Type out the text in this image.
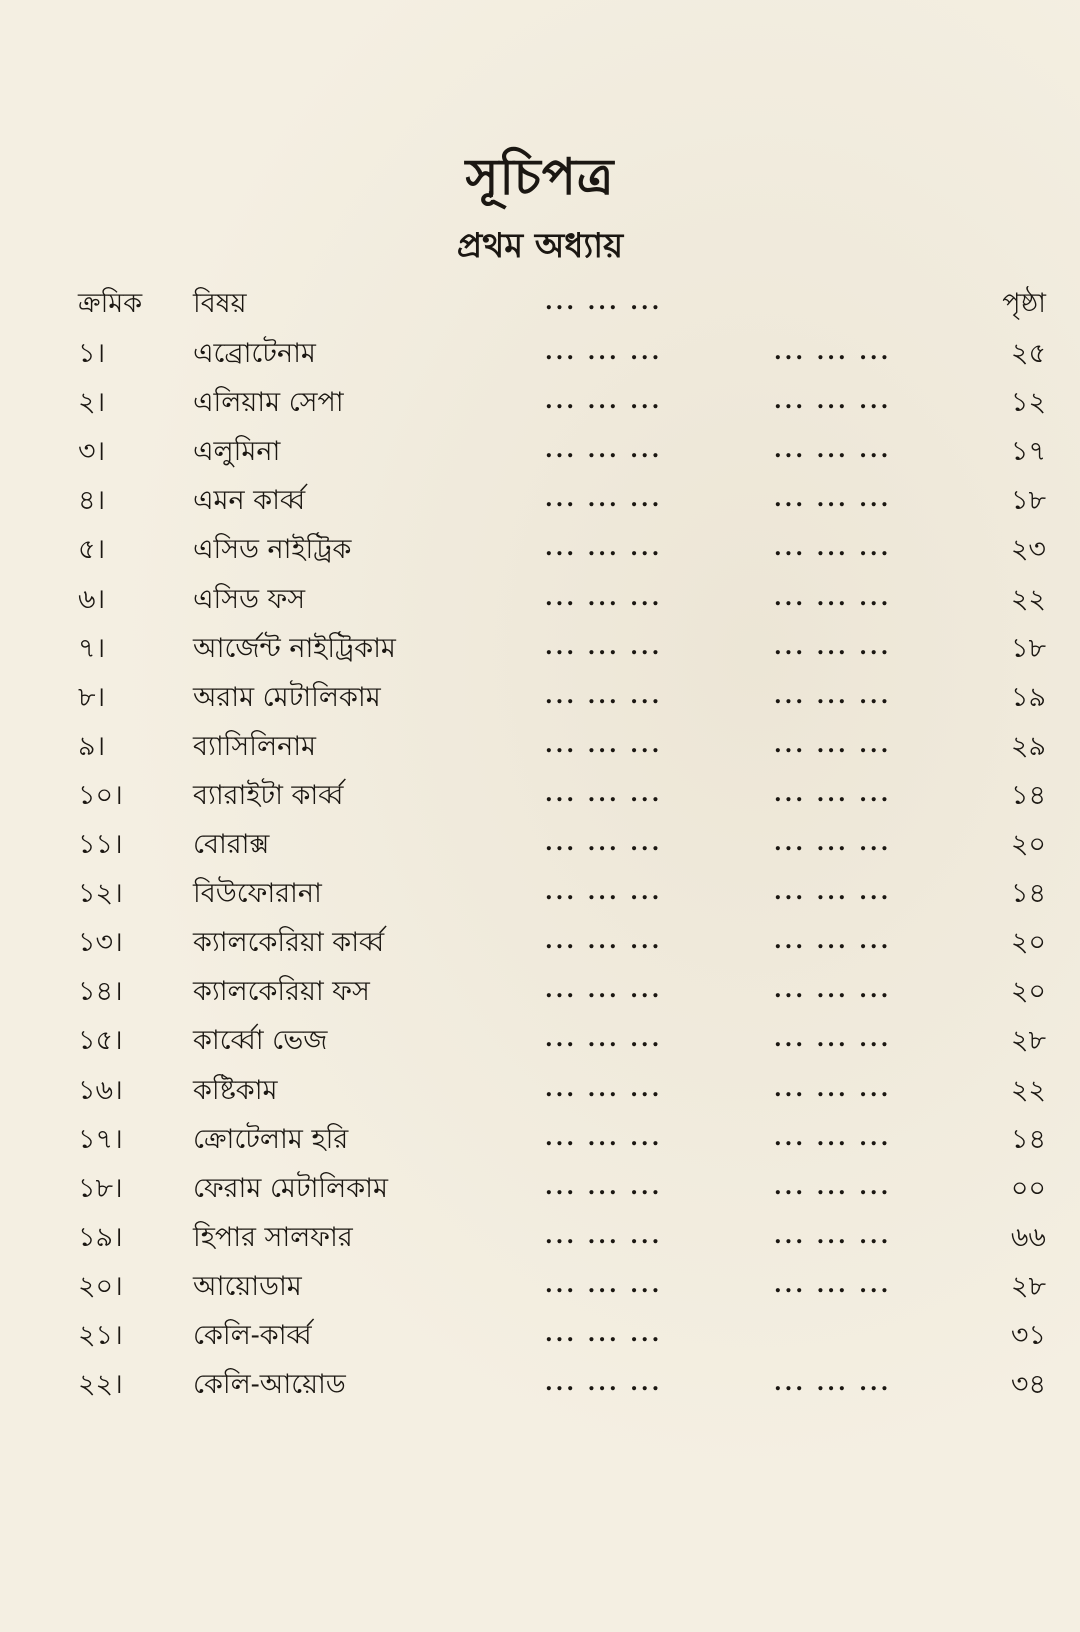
সূচিপত্র
প্রথম অধ্যায়
ক্রমিক বিষয়	... ... ...	পৃষ্ঠা
১।	এব্রোটেনাম	... ... ...	... ... ...	২৫
২।	এলিয়াম সেপা	... ... ...	... ... ...	১২
৩।	এলুমিনা	... ... ...	... ... ...	১৭
৪।	এমন কার্ব্ব	... ... ...	... ... ...	১৮
৫।	এসিড নাইট্রিক	... ... ...	... ... ...	২৩
৬।	এসিড ফস	... ... ...	... ... ...	২২
৭।	আর্জেন্ট নাইট্রিকাম	... ... ...	... ... ...	১৮
৮।	অরাম মেটালিকাম	... ... ...	... ... ...	১৯
৯।	ব্যাসিলিনাম	... ... ...	... ... ...	২৯
১০।	ব্যারাইটা কার্ব্ব	... ... ...	... ... ...	১৪
১১।	বোরাক্স	... ... ...	... ... ...	২০
১২।	বিউফোরানা	... ... ...	... ... ...	১৪
১৩।	ক্যালকেরিয়া কার্ব্ব	... ... ...	... ... ...	২০
১৪।	ক্যালকেরিয়া ফস	... ... ...	... ... ...	২০
১৫।	কার্ব্বো ভেজ	... ... ...	... ... ...	২৮
১৬।	কষ্টিকাম	... ... ...	... ... ...	২২
১৭।	ক্রোটেলাম হরি	... ... ...	... ... ...	১৪
১৮।	ফেরাম মেটালিকাম	... ... ...	... ... ...	০০
১৯।	হিপার সালফার	... ... ...	... ... ...	৬৬
২০।	আয়োডাম	... ... ...	... ... ...	২৮
২১।	কেলি-কার্ব্ব	... ... ...	৩১
২২।	কেলি-আয়োড	... ... ...	... ... ...	৩৪
